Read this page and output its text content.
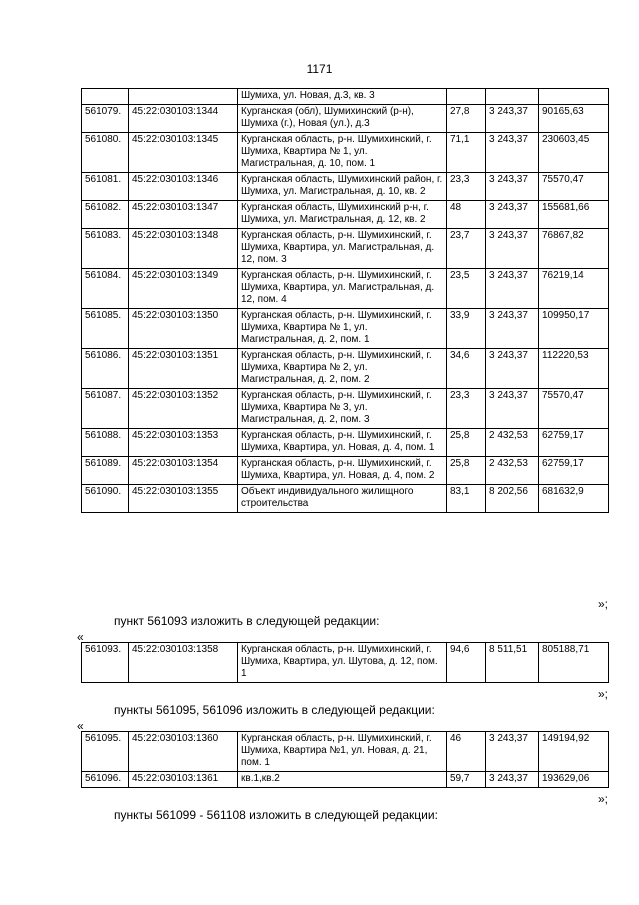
1171
		Шумиха, ул. Новая, д.3, кв. 3			
561079.	45:22:030103:1344	Курганская (обл), Шумихинский (р-н), Шумиха (г.), Новая (ул.), д.3	27,8	3 243,37	90165,63
561080.	45:22:030103:1345	Курганская область, р-н. Шумихинский, г. Шумиха, Квартира № 1, ул. Магистральная, д. 10, пом. 1	71,1	3 243,37	230603,45
561081.	45:22:030103:1346	Курганская область, Шумихинский район, г. Шумиха, ул. Магистральная, д. 10, кв. 2	23,3	3 243,37	75570,47
561082.	45:22:030103:1347	Курганская область, Шумихинский р-н, г. Шумиха, ул. Магистральная, д. 12, кв. 2	48	3 243,37	155681,66
561083.	45:22:030103:1348	Курганская область, р-н. Шумихинский, г. Шумиха, Квартира, ул. Магистральная, д. 12, пом. 3	23,7	3 243,37	76867,82
561084.	45:22:030103:1349	Курганская область, р-н. Шумихинский, г. Шумиха, Квартира, ул. Магистральная, д. 12, пом. 4	23,5	3 243,37	76219,14
561085.	45:22:030103:1350	Курганская область, р-н. Шумихинский, г. Шумиха, Квартира № 1, ул. Магистральная, д. 2, пом. 1	33,9	3 243,37	109950,17
561086.	45:22:030103:1351	Курганская область, р-н. Шумихинский, г. Шумиха, Квартира № 2, ул. Магистральная, д. 2, пом. 2	34,6	3 243,37	112220,53
561087.	45:22:030103:1352	Курганская область, р-н. Шумихинский, г. Шумиха, Квартира № 3, ул. Магистральная, д. 2, пом. 3	23,3	3 243,37	75570,47
561088.	45:22:030103:1353	Курганская область, р-н. Шумихинский, г. Шумиха, Квартира, ул. Новая, д. 4, пом. 1	25,8	2 432,53	62759,17
561089.	45:22:030103:1354	Курганская область, р-н. Шумихинский, г. Шумиха, Квартира, ул. Новая, д. 4, пом. 2	25,8	2 432,53	62759,17
561090.	45:22:030103:1355	Объект индивидуального жилищного строительства	83,1	8 202,56	681632,9
»;
пункт 561093 изложить в следующей редакции:
«
561093.	45:22:030103:1358	Курганская область, р-н. Шумихинский, г. Шумиха, Квартира, ул. Шутова, д. 12, пом. 1	94,6	8 511,51	805188,71
»;
пункты 561095, 561096 изложить в следующей редакции:
«
561095.	45:22:030103:1360	Курганская область, р-н. Шумихинский, г. Шумиха, Квартира №1, ул. Новая, д. 21, пом. 1	46	3 243,37	149194,92
561096.	45:22:030103:1361	кв.1,кв.2	59,7	3 243,37	193629,06
»;
пункты 561099 - 561108 изложить в следующей редакции:
